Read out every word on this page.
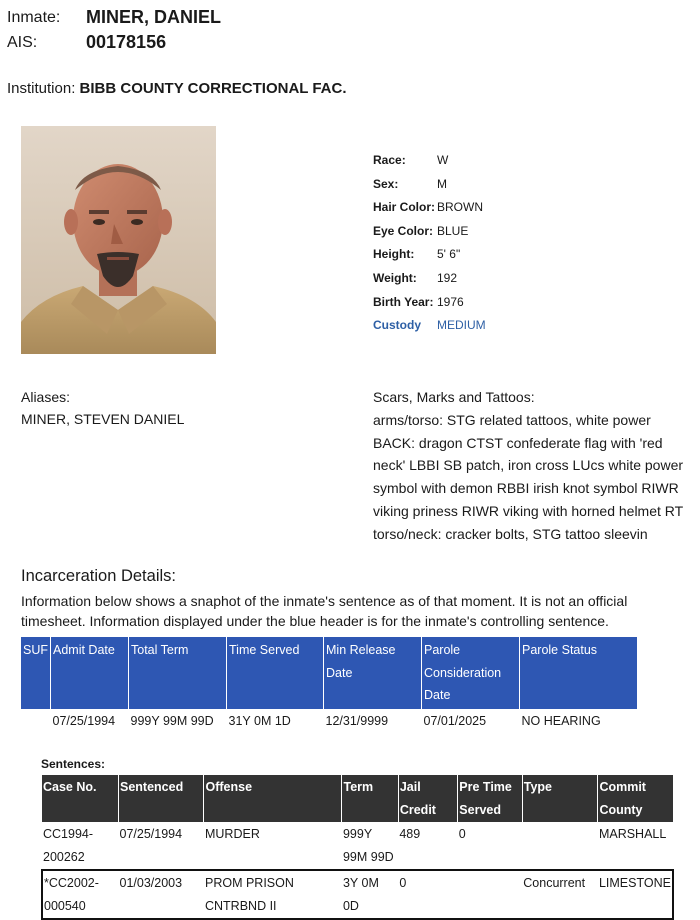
Inmate: MINER, DANIEL
AIS:	00178156
Institution: BIBB COUNTY CORRECTIONAL FAC.
Race:	W
Sex:	M
Hair Color: BROWN
Eye Color: BLUE
Height: 5' 6"
Weight: 192
Birth Year: 1976
Custody MEDIUM
Aliases:
MINER, STEVEN DANIEL
Scars, Marks and Tattoos:
arms/torso: STG related tattoos, white power
BACK: dragon CTST confederate flag with 'red
neck' LBBI SB patch, iron cross LUcs white power
symbol with demon RBBI irish knot symbol RIWR
viking priness RIWR viking with horned helmet RT
torso/neck: cracker bolts, STG tattoo sleevin
Incarceration Details:
Information below shows a snaphot of the inmate's sentence as of that moment. It is not an official timesheet. Information displayed under the blue header is for the inmate's controlling sentence.
SUF	Admit Date	Total Term	Time Served	Min Release Date	Parole Consideration Date	Parole Status
	07/25/1994	999Y 99M 99D	31Y 0M 1D	12/31/9999	07/01/2025	NO HEARING
Sentences:
Case No.	Sentenced	Offense	Term	Jail Credit	Pre Time Served	Type	Commit County
CC1994-200262	07/25/1994	MURDER	999Y 99M 99D	489	0		MARSHALL
*CC2002-000540	01/03/2003	PROM PRISON CNTRBND II	3Y 0M 0D	0		Concurrent	LIMESTONE
